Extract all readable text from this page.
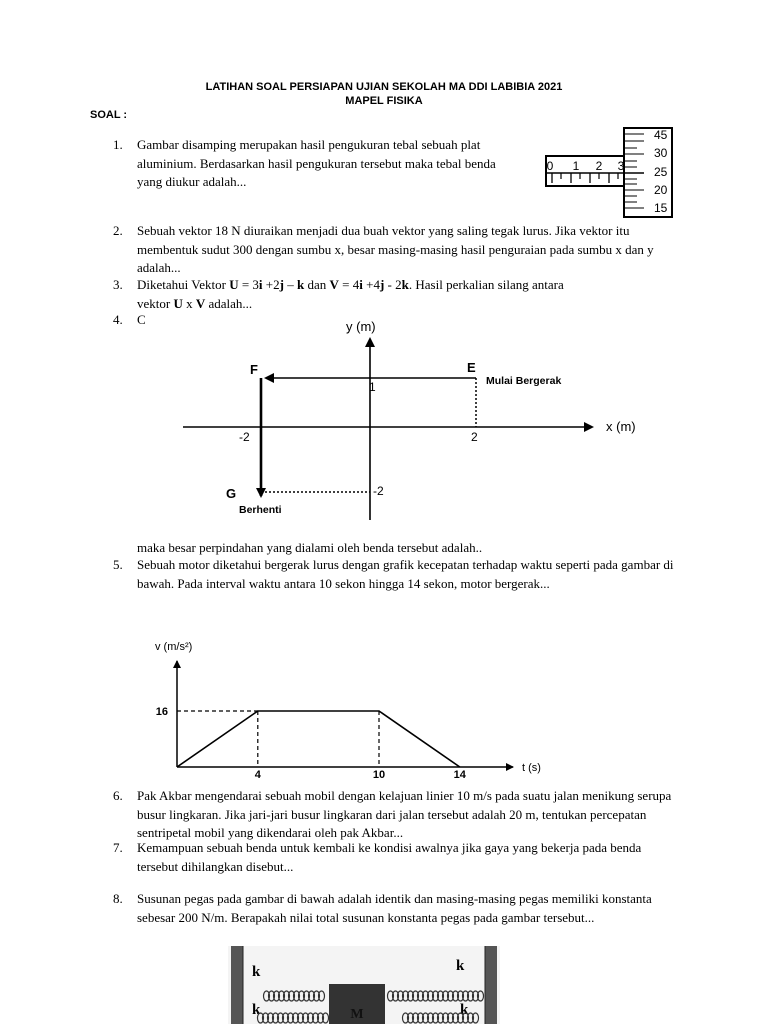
LATIHAN SOAL PERSIAPAN UJIAN SEKOLAH MA DDI LABIBIA 2021
MAPEL FISIKA
SOAL :
1. Gambar disamping merupakan hasil pengukuran tebal sebuah plat aluminium. Berdasarkan hasil pengukuran tersebut maka tebal benda yang diukur adalah...
0 1 2 3
45
30
25
20
15
2. Sebuah vektor 18 N diuraikan menjadi dua buah vektor yang saling tegak lurus. Jika vektor itu membentuk sudut 300 dengan sumbu x, besar masing-masing hasil penguraian pada sumbu x dan y adalah...
3. Diketahui Vektor U = 3i +2j – k dan V = 4i +4j - 2k. Hasil perkalian silang antara
vektor U x V adalah...
4. C	y (m)
x (m)
F	E
G
Mulai Bergerak
Berhenti
1
-2	2
-2
maka besar perpindahan yang dialami oleh benda tersebut adalah..
5. Sebuah motor diketahui bergerak lurus dengan grafik kecepatan terhadap waktu seperti pada gambar di bawah. Pada interval waktu antara 10 sekon hingga 14 sekon, motor bergerak...
v (m/s²)
t (s)
4	10	14
16
6. Pak Akbar mengendarai sebuah mobil dengan kelajuan linier 10 m/s pada suatu jalan menikung serupa busur lingkaran. Jika jari-jari busur lingkaran dari jalan tersebut adalah 20 m, tentukan percepatan sentripetal mobil yang dikendarai oleh pak Akbar...
7. Kemampuan sebuah benda untuk kembali ke kondisi awalnya jika gaya yang bekerja pada benda tersebut dihilangkan disebut...
8. Susunan pegas pada gambar di bawah adalah identik dan masing-masing pegas memiliki konstanta sebesar 200 N/m. Berapakah nilai total susunan konstanta pegas pada gambar tersebut...
M
k	k
k	k
